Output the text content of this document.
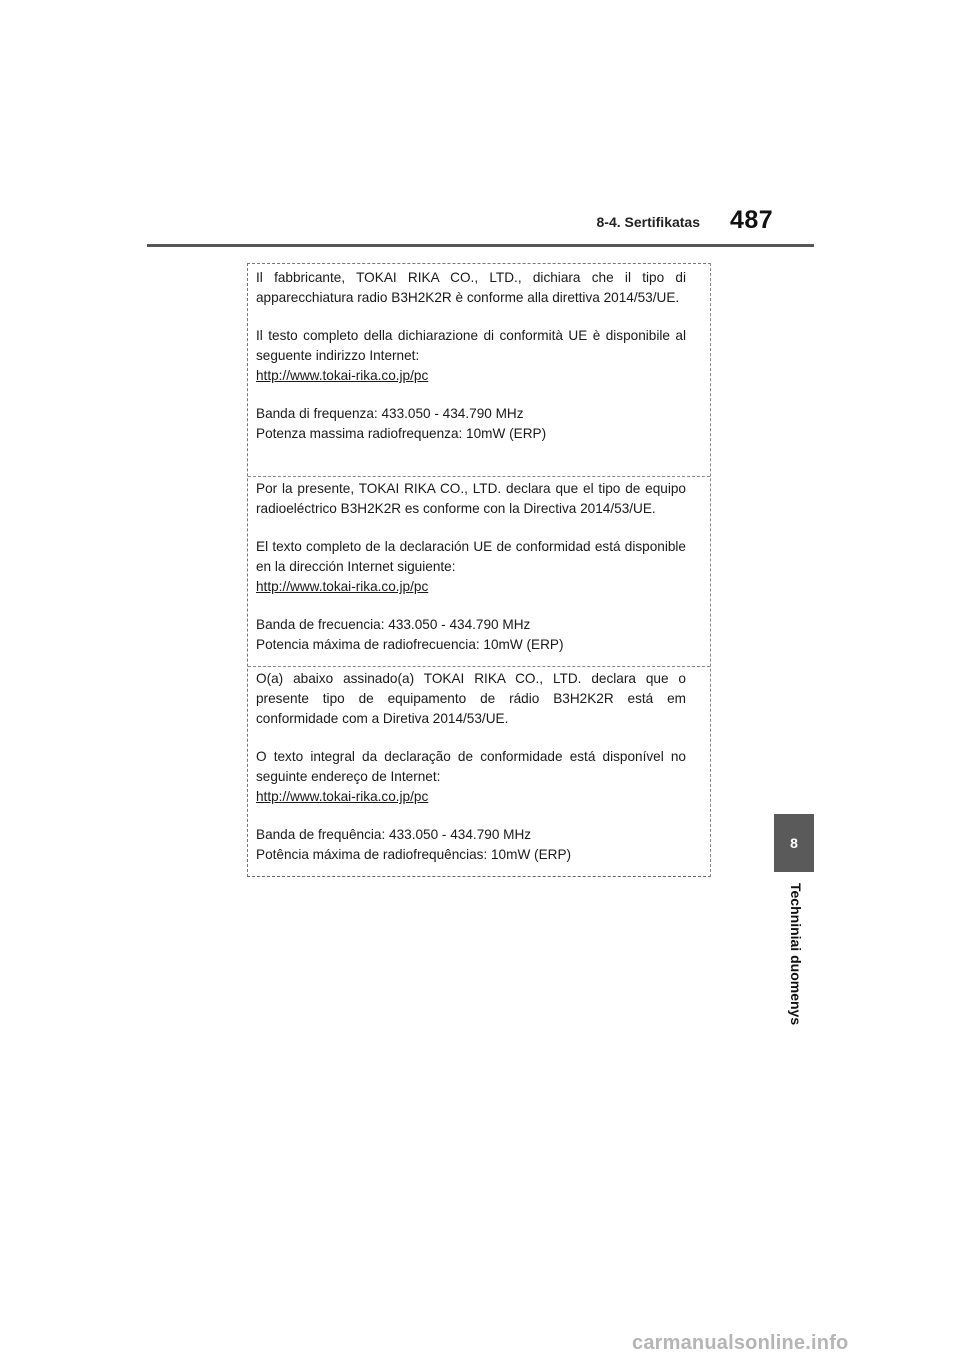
8-4. Sertifikatas 487

Il fabbricante, TOKAI RIKA CO., LTD., dichiara che il tipo di apparecchiatura radio B3H2K2R è conforme alla direttiva 2014/53/UE.

Il testo completo della dichiarazione di conformità UE è disponibile al seguente indirizzo Internet:

http://www.tokai-rika.co.jp/pc

Banda di frequenza: 433.050 - 434.790 MHz

Potenza massima radiofrequenza: 10mW (ERP)

Por la presente, TOKAI RIKA CO., LTD. declara que el tipo de equipo radioeléctrico B3H2K2R es conforme con la Directiva 2014/53/UE.

El texto completo de la declaración UE de conformidad está disponible en la dirección Internet siguiente:

http://www.tokai-rika.co.jp/pc

Banda de frecuencia: 433.050 - 434.790 MHz

Potencia máxima de radiofrecuencia: 10mW (ERP)

O(a) abaixo assinado(a) TOKAI RIKA CO., LTD. declara que o presente tipo de equipamento de rádio B3H2K2R está em conformidade com a Diretiva 2014/53/UE.

O texto integral da declaração de conformidade está disponível no seguinte endereço de Internet:

http://www.tokai-rika.co.jp/pc

Banda de frequência: 433.050 - 434.790 MHz

Potência máxima de radiofrequências: 10mW (ERP)

8
Techniniai duomenys
carmanualsonline.info
